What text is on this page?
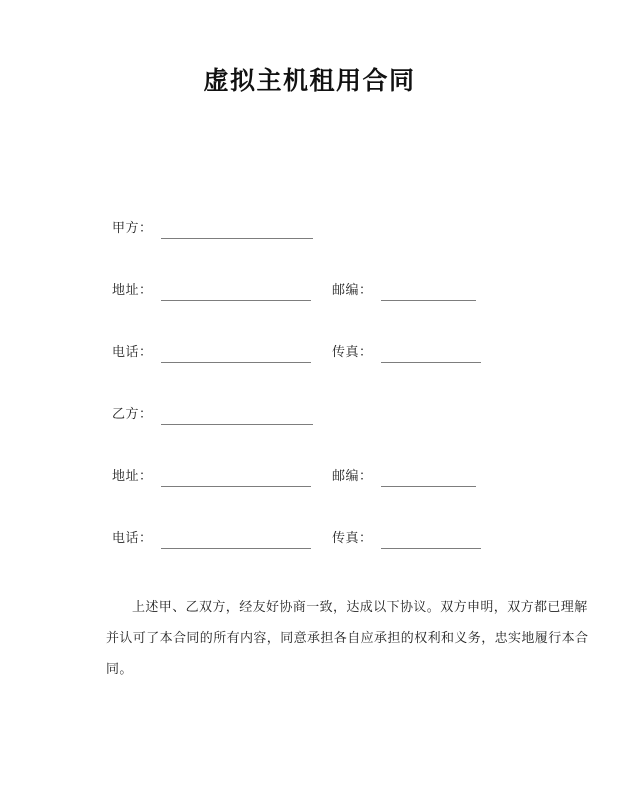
虚拟主机租用合同
甲方：
地址：	邮编：
电话：	传真：
乙方：
地址：	邮编：
电话：	传真：
上述甲、乙双方，经友好协商一致，达成以下协议。双方申明，双方都已理解
并认可了本合同的所有内容，同意承担各自应承担的权利和义务，忠实地履行本合
同。
